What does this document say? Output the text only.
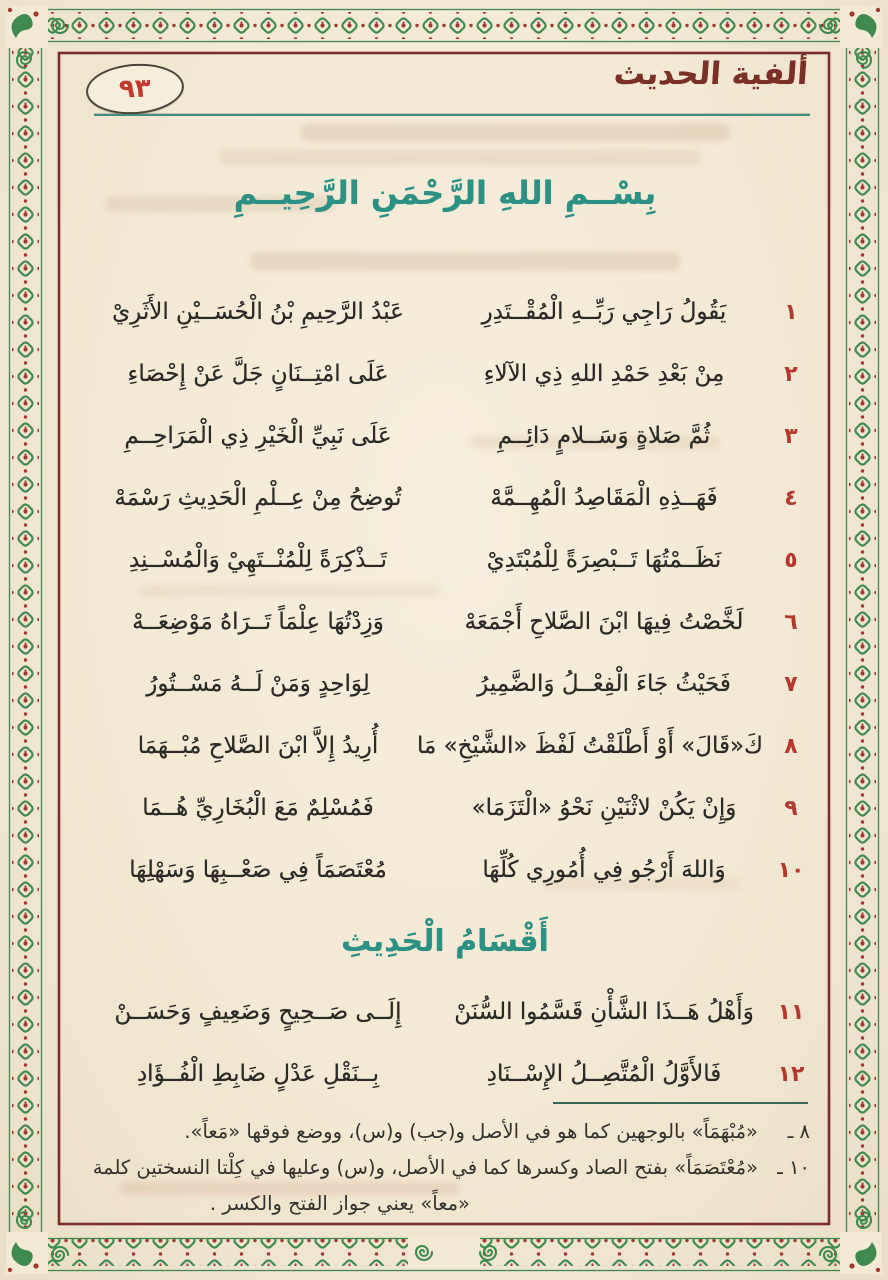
٩٣	ألفية الحديث
بِسْــمِ اللهِ الرَّحْمَنِ الرَّحِيــمِ
١
يَقُولُ رَاجِي رَبِّــهِ الْمُقْــتَدِرِ
عَبْدُ الرَّحِيمِ بْنُ الْحُسَــيْنِ الأَثَرِيْ
٢
مِنْ بَعْدِ حَمْدِ اللهِ ذِي الآلاءِ
عَلَى امْتِــنَانٍ جَلَّ عَنْ إِحْصَاءِ
٣
ثُمَّ صَلاةٍ وَسَــلامٍ دَائِــمِ
عَلَى نَبِيِّ الْخَيْرِ ذِي الْمَرَاحِــمِ
٤
فَهَــذِهِ الْمَقَاصِدُ الْمُهِــمَّهْ
تُوضِحُ مِنْ عِــلْمِ الْحَدِيثِ رَسْمَهْ
٥
نَظَــمْتُهَا تَــبْصِرَةً لِلْمُبْتَدِيْ
تَــذْكِرَةً لِلْمُنْــتَهِيْ وَالْمُسْــنِدِ
٦
لَخَّصْتُ فِيهَا ابْنَ الصَّلاحِ أَجْمَعَهْ
وَزِدْتُهَا عِلْمَاً تَــرَاهُ مَوْضِعَــهْ
٧
فَحَيْثُ جَاءَ الْفِعْــلُ وَالضَّمِيرُ
لِوَاحِدٍ وَمَنْ لَــهُ مَسْــتُورُ
٨
كَ«قَالَ» أَوْ أَطْلَقْتُ لَفْظَ «الشَّيْخِ» مَا
أُرِيدُ إِلاَّ ابْنَ الصَّلاحِ مُبْــهَمَا
٩
وَإِنْ يَكُنْ لاثْنَيْنِ نَحْوُ «الْتَزَمَا»
فَمُسْلِمٌ مَعَ الْبُخَارِيِّ هُــمَا
١٠
وَاللهَ أَرْجُو فِي أُمُورِي كُلِّهَا
مُعْتَصَمَاً فِي صَعْــبِهَا وَسَهْلِهَا
أَقْسَامُ الْحَدِيثِ
١١
وَأَهْلُ هَــذَا الشَّأْنِ قَسَّمُوا السُّنَنْ
إِلَــى صَــحِيحٍ وَضَعِيفٍ وَحَسَــنْ
١٢
فَالأَوَّلُ الْمُتَّصِــلُ الإِسْــنَادِ
بِــنَقْلِ عَدْلٍ ضَابِطِ الْفُــؤَادِ
٨ ـ
«مُبْهَمَاً» بالوجهين كما هو في الأصل و(جب) و(س)، ووضع فوقها «مَعاً».
١٠ ـ
«مُعْتَصَمَاً» بفتح الصاد وكسرها كما في الأصل، و(س) وعليها في كِلْتا النسختين كلمة
«معاً» يعني جواز الفتح والكسر .
